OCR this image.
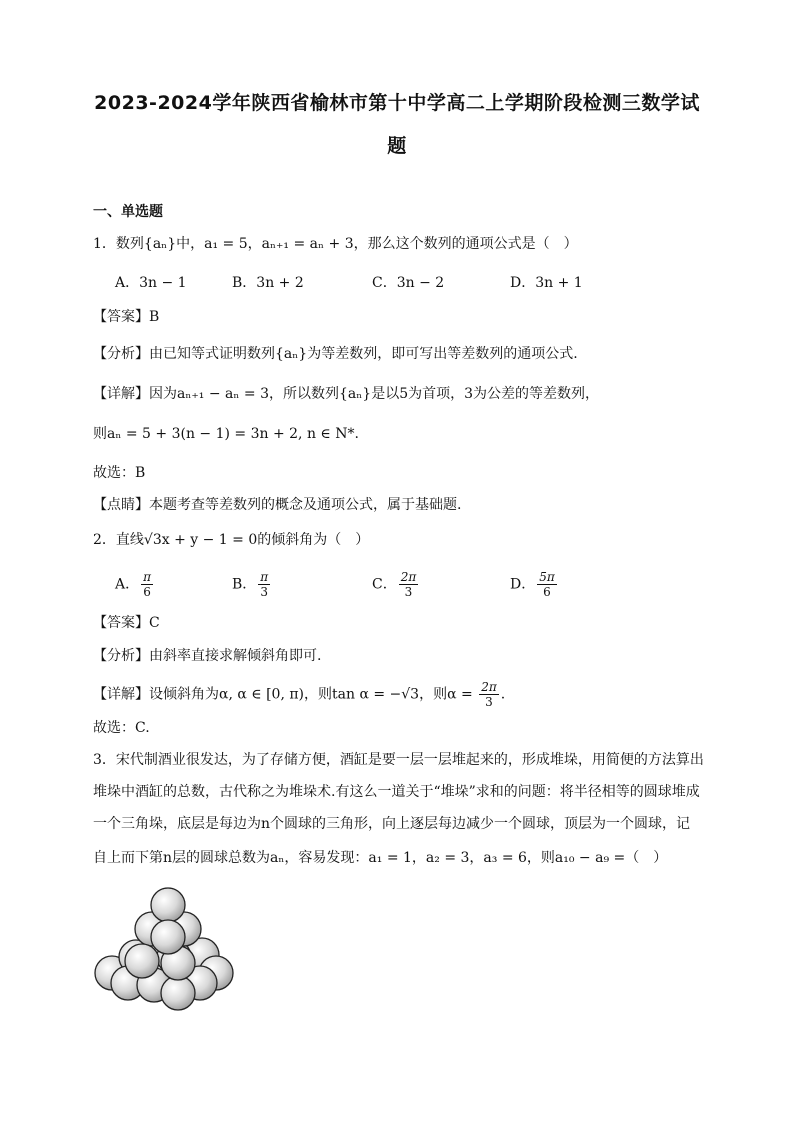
2023-2024学年陕西省榆林市第十中学高二上学期阶段检测三数学试
题
一、单选题
1．数列{aₙ}中，a₁ = 5，aₙ₊₁ = aₙ + 3，那么这个数列的通项公式是（　）
A．3n − 1	B．3n + 2	C．3n − 2	D．3n + 1
【答案】B
【分析】由已知等式证明数列{aₙ}为等差数列，即可写出等差数列的通项公式.
【详解】因为aₙ₊₁ − aₙ = 3，所以数列{aₙ}是以5为首项，3为公差的等差数列，
则aₙ = 5 + 3(n − 1) = 3n + 2, n ∈ N*.
故选：B
【点睛】本题考查等差数列的概念及通项公式，属于基础题.
2．直线√3x + y − 1 = 0的倾斜角为（　）
A． $\frac{\pi}{6}$	B． $\frac{\pi}{3}$	C． $\frac{2\pi}{3}$	D． $\frac{5\pi}{6}$
【答案】C
【分析】由斜率直接求解倾斜角即可.
【详解】设倾斜角为α, α ∈ [0, π)，则tan α = −√3，则$\alpha = \frac{2\pi}{3}$ .
故选：C.
3．宋代制酒业很发达，为了存储方便，酒缸是要一层一层堆起来的，形成堆垛，用简便的方法算出
堆垛中酒缸的总数，古代称之为堆垛术.有这么一道关于“堆垛”求和的问题：将半径相等的圆球堆成
一个三角垛，底层是每边为n个圆球的三角形，向上逐层每边减少一个圆球，顶层为一个圆球，记
自上而下第n层的圆球总数为aₙ，容易发现：a₁ = 1，a₂ = 3，a₃ = 6，则a₁₀ − a₉ =（　）
